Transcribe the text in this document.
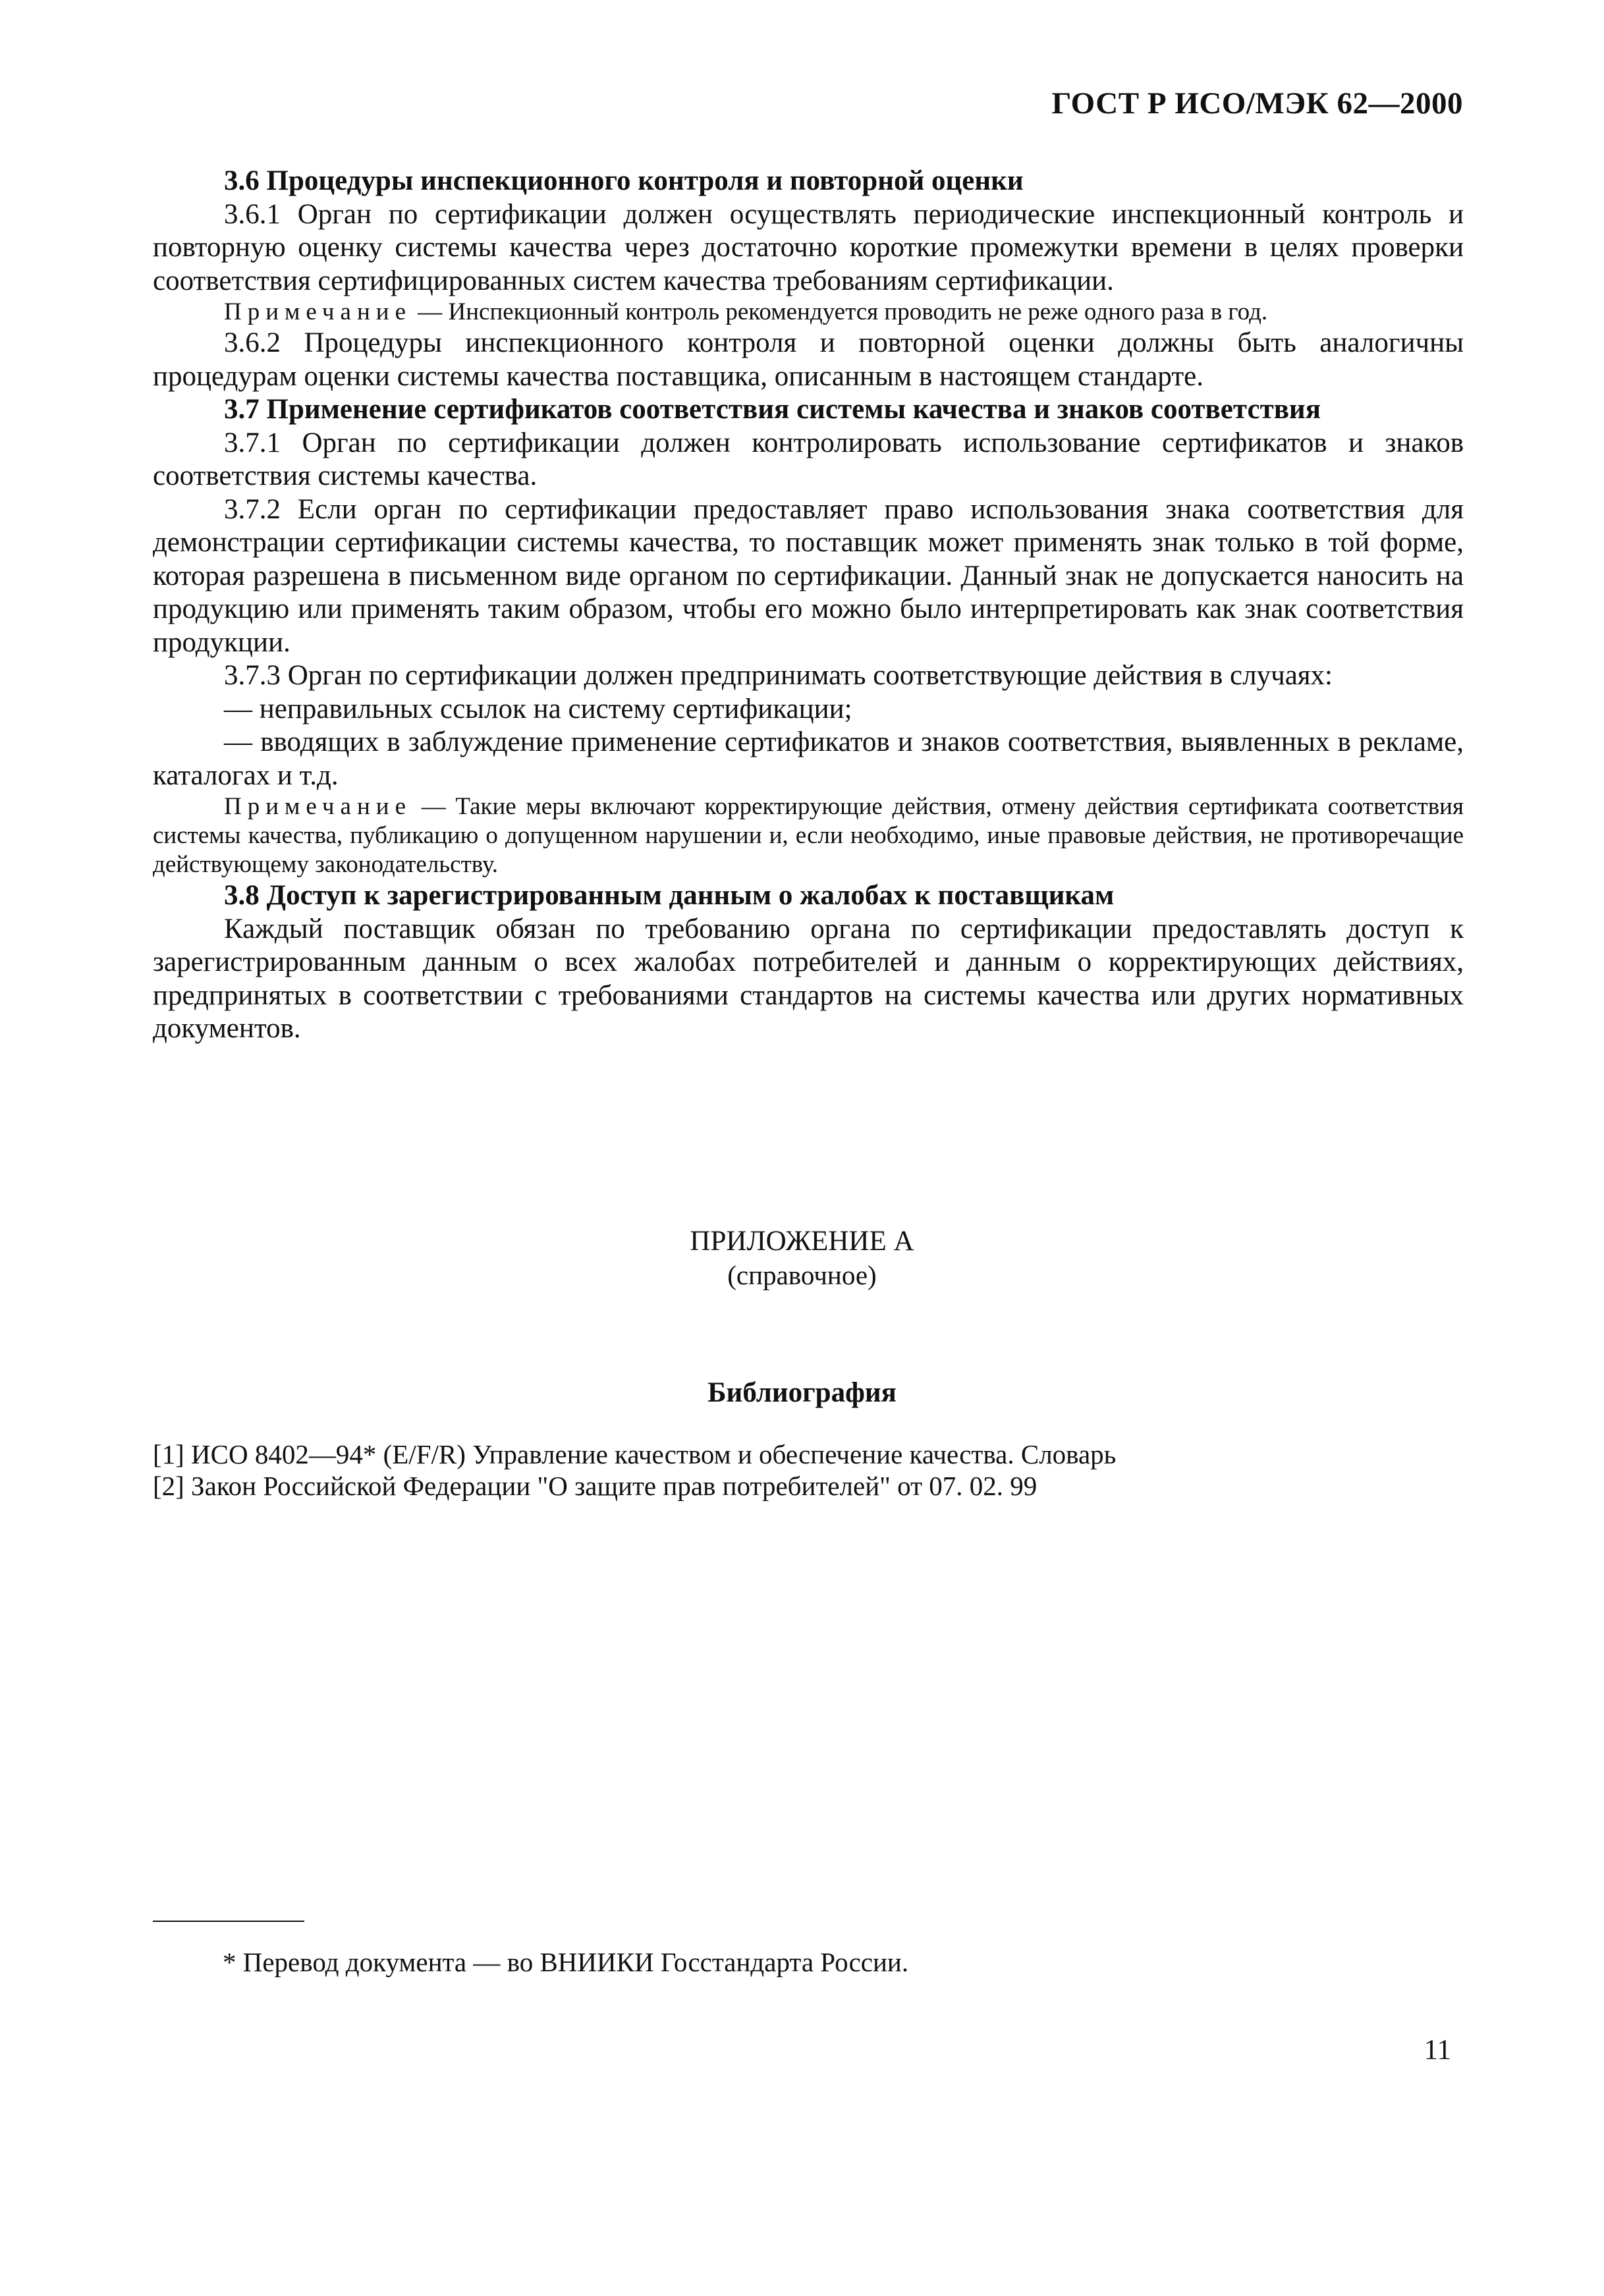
ГОСТ Р ИСО/МЭК 62—2000

3.6 Процедуры инспекционного контроля и повторной оценки

3.6.1 Орган по сертификации должен осуществлять периодические инспекционный контроль и повторную оценку системы качества через достаточно короткие промежутки времени в целях проверки соответствия сертифицированных систем качества требованиям сертификации.

Примечание — Инспекционный контроль рекомендуется проводить не реже одного раза в год.

3.6.2 Процедуры инспекционного контроля и повторной оценки должны быть аналогичны процедурам оценки системы качества поставщика, описанным в настоящем стандарте.

3.7 Применение сертификатов соответствия системы качества и знаков соответствия

3.7.1 Орган по сертификации должен контролировать использование сертификатов и знаков соответствия системы качества.

3.7.2 Если орган по сертификации предоставляет право использования знака соответствия для демонстрации сертификации системы качества, то поставщик может применять знак только в той форме, которая разрешена в письменном виде органом по сертификации. Данный знак не допускается наносить на продукцию или применять таким образом, чтобы его можно было интерпретировать как знак соответствия продукции.

3.7.3 Орган по сертификации должен предпринимать соответствующие действия в случаях:

— неправильных ссылок на систему сертификации;

— вводящих в заблуждение применение сертификатов и знаков соответствия, выявленных в рекламе, каталогах и т.д.

Примечание — Такие меры включают корректирующие действия, отмену действия сертификата соответствия системы качества, публикацию о допущенном нарушении и, если необходимо, иные правовые действия, не противоречащие действующему законодательству.

3.8 Доступ к зарегистрированным данным о жалобах к поставщикам

Каждый поставщик обязан по требованию органа по сертификации предоставлять доступ к зарегистрированным данным о всех жалобах потребителей и данным о корректирующих действиях, предпринятых в соответствии с требованиями стандартов на системы качества или других нормативных документов.

ПРИЛОЖЕНИЕ А
(справочное)
Библиография
[1] ИСО 8402—94* (E/F/R) Управление качеством и обеспечение качества. Словарь
[2] Закон Российской Федерации "О защите прав потребителей" от 07. 02. 99
* Перевод документа — во ВНИИКИ Госстандарта России.
11
